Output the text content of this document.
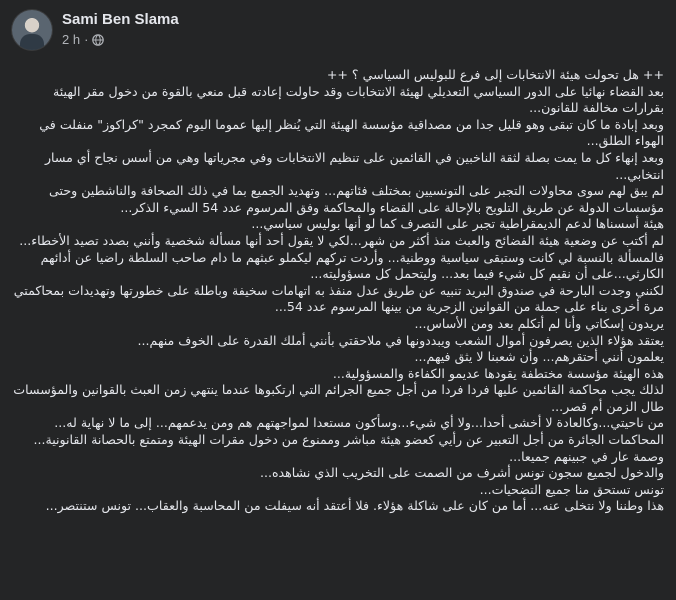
Sami Ben Slama
2 h ·

++ هل تحولت هيئة الانتخابات إلى فرع للبوليس السياسي ؟ ++

بعد القضاء نهائيا على الدور السياسي التعديلي لهيئة الانتخابات وقد حاولت إعادته قبل منعي بالقوة من دخول مقر الهيئة بقرارات مخالفة للقانون...

وبعد إبادة ما كان تبقى وهو قليل جدا من مصداقية مؤسسة الهيئة التي يُنظر إليها عموما اليوم كمجرد "كراكوز" منفلت في الهواء الطلق...

وبعد إنهاء كل ما يمت بصلة لثقة الناخبين في القائمين على تنظيم الانتخابات وفي مجرياتها وهي من أسس نجاح أي مسار انتخابي...

لم يبق لهم سوى محاولات التجبر على التونسيين بمختلف فئاتهم... وتهديد الجميع بما في ذلك الصحافة والناشطين وحتى مؤسسات الدولة عن طريق التلويح بالإحالة على القضاء والمحاكمة وفق المرسوم عدد 54 السيء الذكر...

هيئة أسسناها لدعم الديمقراطية تجبر على التصرف كما لو أنها بوليس سياسي...

لم أكتب عن وضعية هيئة الفضائح والعبث منذ أكثر من شهر...لكي لا يقول أحد أنها مسألة شخصية وأنني بصدد تصيد الأخطاء...

فالمسألة بالنسبة لي كانت وستبقى سياسية ووطنية... وأردت تركهم ليكملو عبثهم ما دام صاحب السلطة راضيا عن أدائهم الكارثي...على أن نقيم كل شيء فيما بعد... وليتحمل كل مسؤوليته...

لكنني وجدت البارحة في صندوق البريد تنبيه عن طريق عدل منفذ به اتهامات سخيفة وباطلة على خطورتها وتهديدات بمحاكمتي مرة أخرى بناء على جملة من القوانين الزجرية من بينها المرسوم عدد 54...

يريدون إسكاتي وأنا لم أتكلم بعد ومن الأساس...

يعتقد هؤلاء الذين يصرفون أموال الشعب ويبددونها في ملاحقتي بأنني أملك القدرة على الخوف منهم...

يعلمون أنني أحتقرهم... وأن شعبنا لا يثق فيهم...

هذه الهيئة مؤسسة مختطفة يقودها عديمو الكفاءة والمسؤولية...

لذلك يجب محاكمة القائمين عليها فردا فردا من أجل جميع الجرائم التي ارتكبوها عندما ينتهي زمن العبث بالقوانين والمؤسسات طال الزمن أم قصر...

من ناحيتي...وكالعادة لا أخشى أحدا...ولا أي شيء...وسأكون مستعدا لمواجهتهم هم ومن يدعمهم... إلى ما لا نهاية له...

المحاكمات الجائرة من أجل التعبير عن رأيي كعضو هيئة مباشر وممنوع من دخول مقرات الهيئة ومتمتع بالحصانة القانونية... وصمة عار في جبينهم جميعا...

والدخول لجميع سجون تونس أشرف من الصمت على التخريب الذي نشاهده...

تونس تستحق منا جميع التضحيات...

هذا وطننا ولا نتخلى عنه... أما من كان على شاكلة هؤلاء. فلا أعتقد أنه سيفلت من المحاسبة والعقاب... تونس ستنتصر...
